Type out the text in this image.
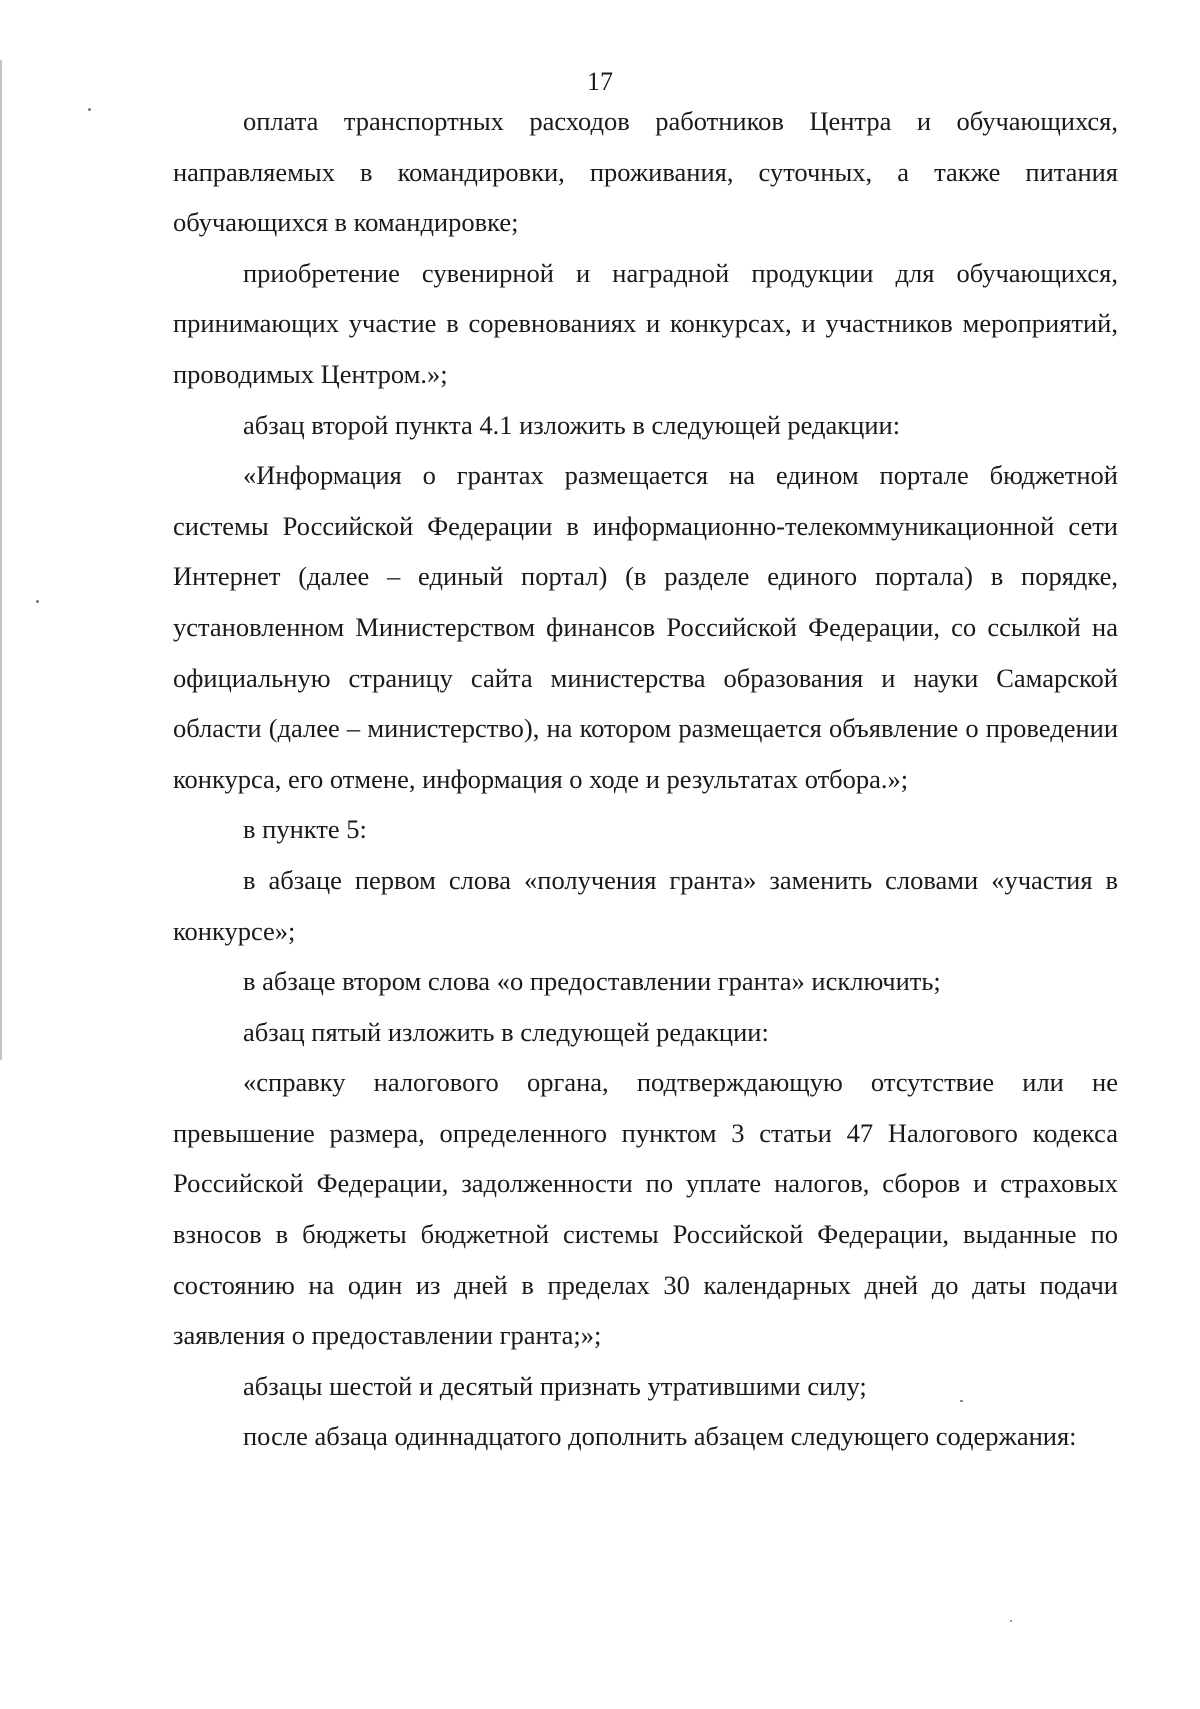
17

оплата транспортных расходов работников Центра и обучающихся, направляемых в командировки, проживания, суточных, а также питания обучающихся в командировке;

приобретение сувенирной и наградной продукции для обучающихся, принимающих участие в соревнованиях и конкурсах, и участников мероприятий, проводимых Центром.»;

абзац второй пункта 4.1 изложить в следующей редакции:

«Информация о грантах размещается на едином портале бюджетной системы Российской Федерации в информационно-телекоммуникационной сети Интернет (далее – единый портал) (в разделе единого портала) в порядке, установленном Министерством финансов Российской Федерации, со ссылкой на официальную страницу сайта министерства образования и науки Самарской области (далее – министерство), на котором размещается объявление о проведении конкурса, его отмене, информация о ходе и результатах отбора.»;

в пункте 5:

в абзаце первом слова «получения гранта» заменить словами «участия в конкурсе»;

в абзаце втором слова «о предоставлении гранта» исключить;

абзац пятый изложить в следующей редакции:

«справку налогового органа, подтверждающую отсутствие или не превышение размера, определенного пунктом 3 статьи 47 Налогового кодекса Российской Федерации, задолженности по уплате налогов, сборов и страховых взносов в бюджеты бюджетной системы Российской Федерации, выданные по состоянию на один из дней в пределах 30 календарных дней до даты подачи заявления о предоставлении гранта;»;

абзацы шестой и десятый признать утратившими силу;

после абзаца одиннадцатого дополнить абзацем следующего содержания:
